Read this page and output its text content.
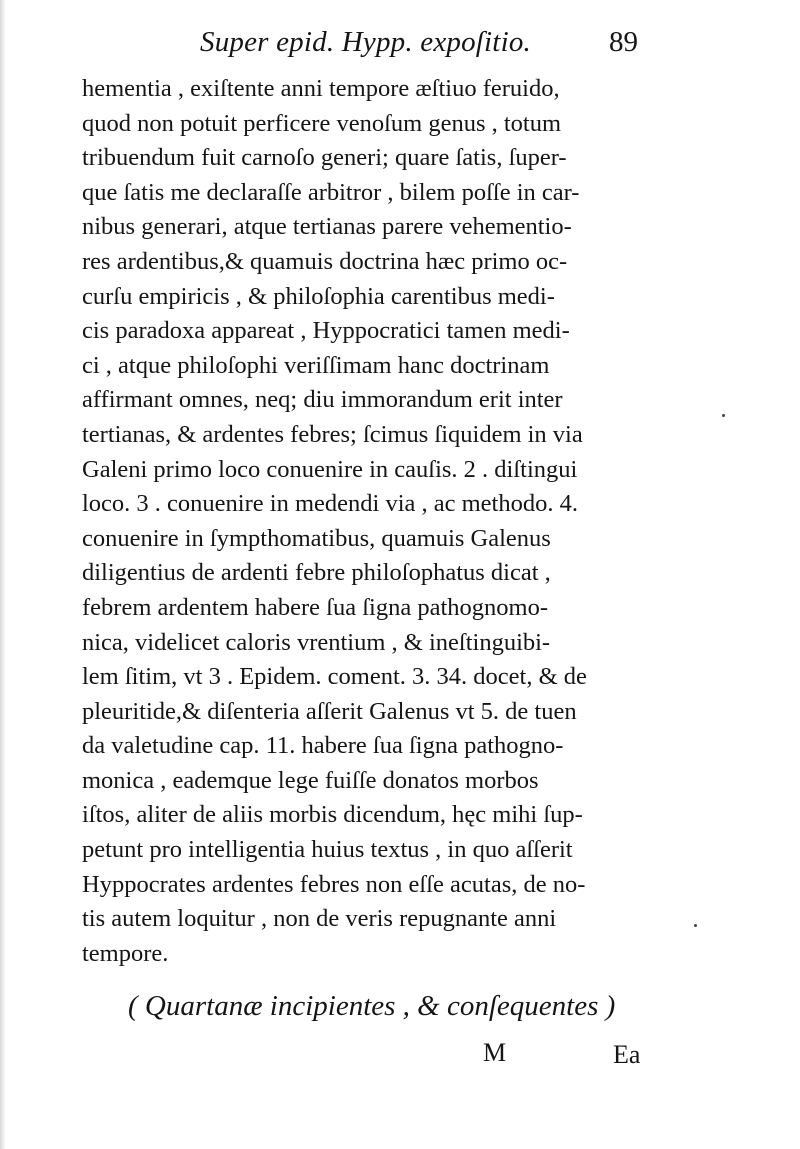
Super epid. Hypp. expoſitio.	89
hementia , exiſtente anni tempore æſtiuo feruido,
quod non potuit perficere venoſum genus , totum
tribuendum fuit carnoſo generi; quare ſatis, ſuper-
que ſatis me declaraſſe arbitror , bilem poſſe in car-
nibus generari, atque tertianas parere vehementio-
res ardentibus,& quamuis doctrina hæc primo oc-
curſu empiricis , & philoſophia carentibus medi-
cis paradoxa appareat , Hyppocratici tamen medi-
ci , atque philoſophi veriſſimam hanc doctrinam
affirmant omnes, neq; diu immorandum erit inter
tertianas, & ardentes febres; ſcimus ſiquidem in via
Galeni primo loco conuenire in cauſis. 2 . diſtingui
loco. 3 . conuenire in medendi via , ac methodo. 4.
conuenire in ſympthomatibus, quamuis Galenus
diligentius de ardenti febre philoſophatus dicat ,
febrem ardentem habere ſua ſigna pathognomo-
nica, videlicet caloris vrentium , & ineſtinguibi-
lem ſitim, vt 3 . Epidem. coment. 3. 34. docet, & de
pleuritide,& diſenteria aſſerit Galenus vt 5. de tuen
da valetudine cap. 11. habere ſua ſigna pathogno-
monica , eademque lege fuiſſe donatos morbos
iſtos, aliter de aliis morbis dicendum, hęc mihi ſup-
petunt pro intelligentia huius textus , in quo aſſerit
Hyppocrates ardentes febres non eſſe acutas, de no-
tis autem loquitur , non de veris repugnante anni
tempore.
( Quartanæ incipientes , & conſequentes )
M	Ea
